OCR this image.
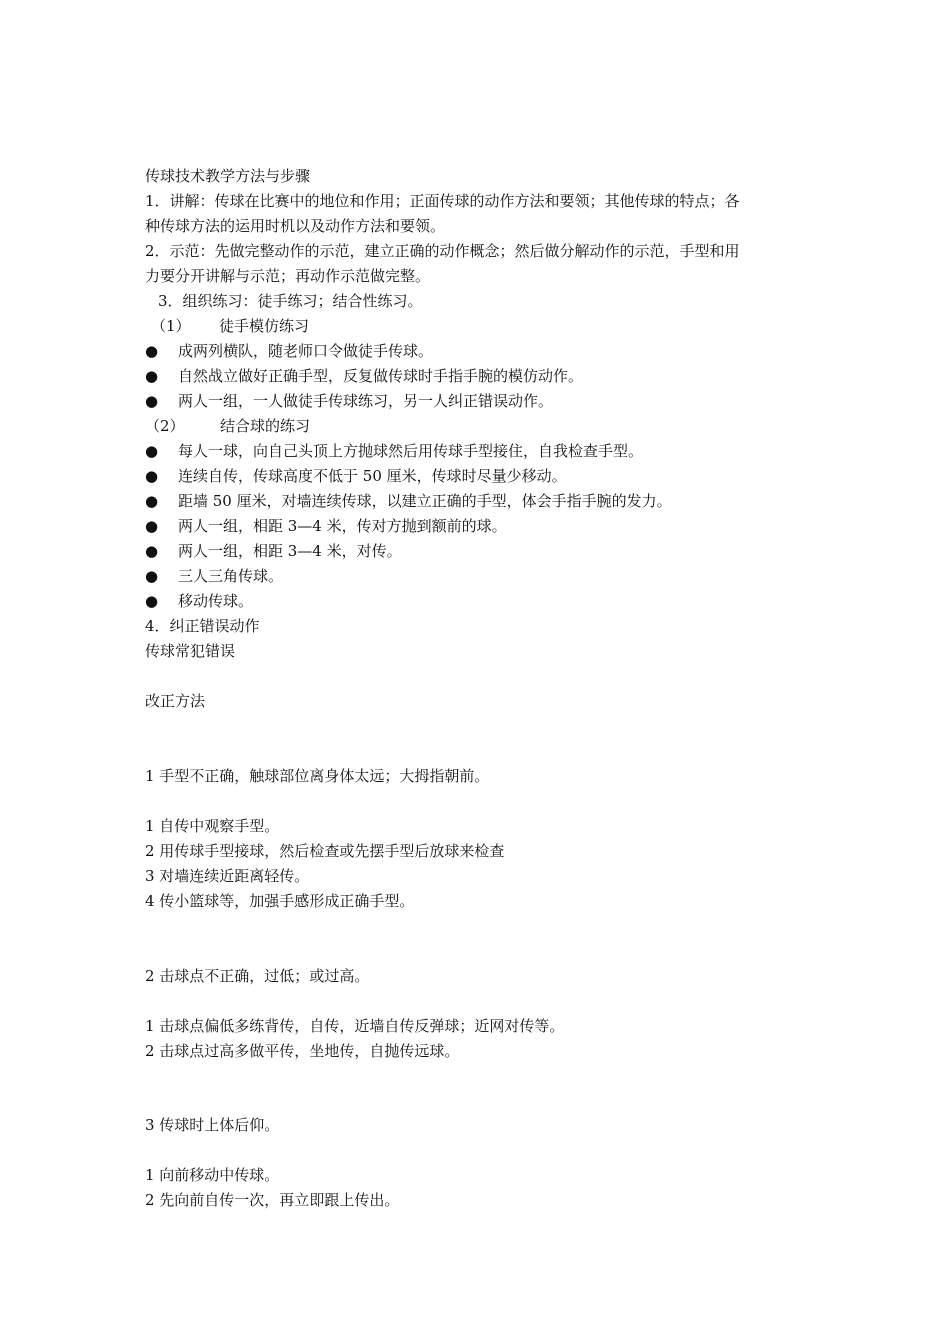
传球技术教学方法与步骤
1．讲解：传球在比赛中的地位和作用；正面传球的动作方法和要领；其他传球的特点；各
种传球方法的运用时机以及动作方法和要领。
2．示范：先做完整动作的示范，建立正确的动作概念；然后做分解动作的示范，手型和用
力要分开讲解与示范；再动作示范做完整。
3．组织练习：徒手练习；结合性练习。
（1） 徒手模仿练习
●	成两列横队，随老师口令做徒手传球。
●	自然战立做好正确手型，反复做传球时手指手腕的模仿动作。
●	两人一组，一人做徒手传球练习，另一人纠正错误动作。
（2） 结合球的练习
●	每人一球，向自己头顶上方抛球然后用传球手型接住，自我检查手型。
●	连续自传，传球高度不低于 50 厘米，传球时尽量少移动。
●	距墙 50 厘米，对墙连续传球，以建立正确的手型，体会手指手腕的发力。
●	两人一组，相距 3—4 米，传对方抛到额前的球。
●	两人一组，相距 3—4 米，对传。
●	三人三角传球。
●	移动传球。
4．纠正错误动作
传球常犯错误
改正方法
1 手型不正确，触球部位离身体太远；大拇指朝前。
1 自传中观察手型。
2 用传球手型接球，然后检查或先摆手型后放球来检查
3 对墙连续近距离轻传。
4 传小篮球等，加强手感形成正确手型。
2 击球点不正确，过低；或过高。
1 击球点偏低多练背传，自传，近墙自传反弹球；近网对传等。
2 击球点过高多做平传，坐地传，自抛传远球。
3 传球时上体后仰。
1 向前移动中传球。
2 先向前自传一次，再立即跟上传出。
